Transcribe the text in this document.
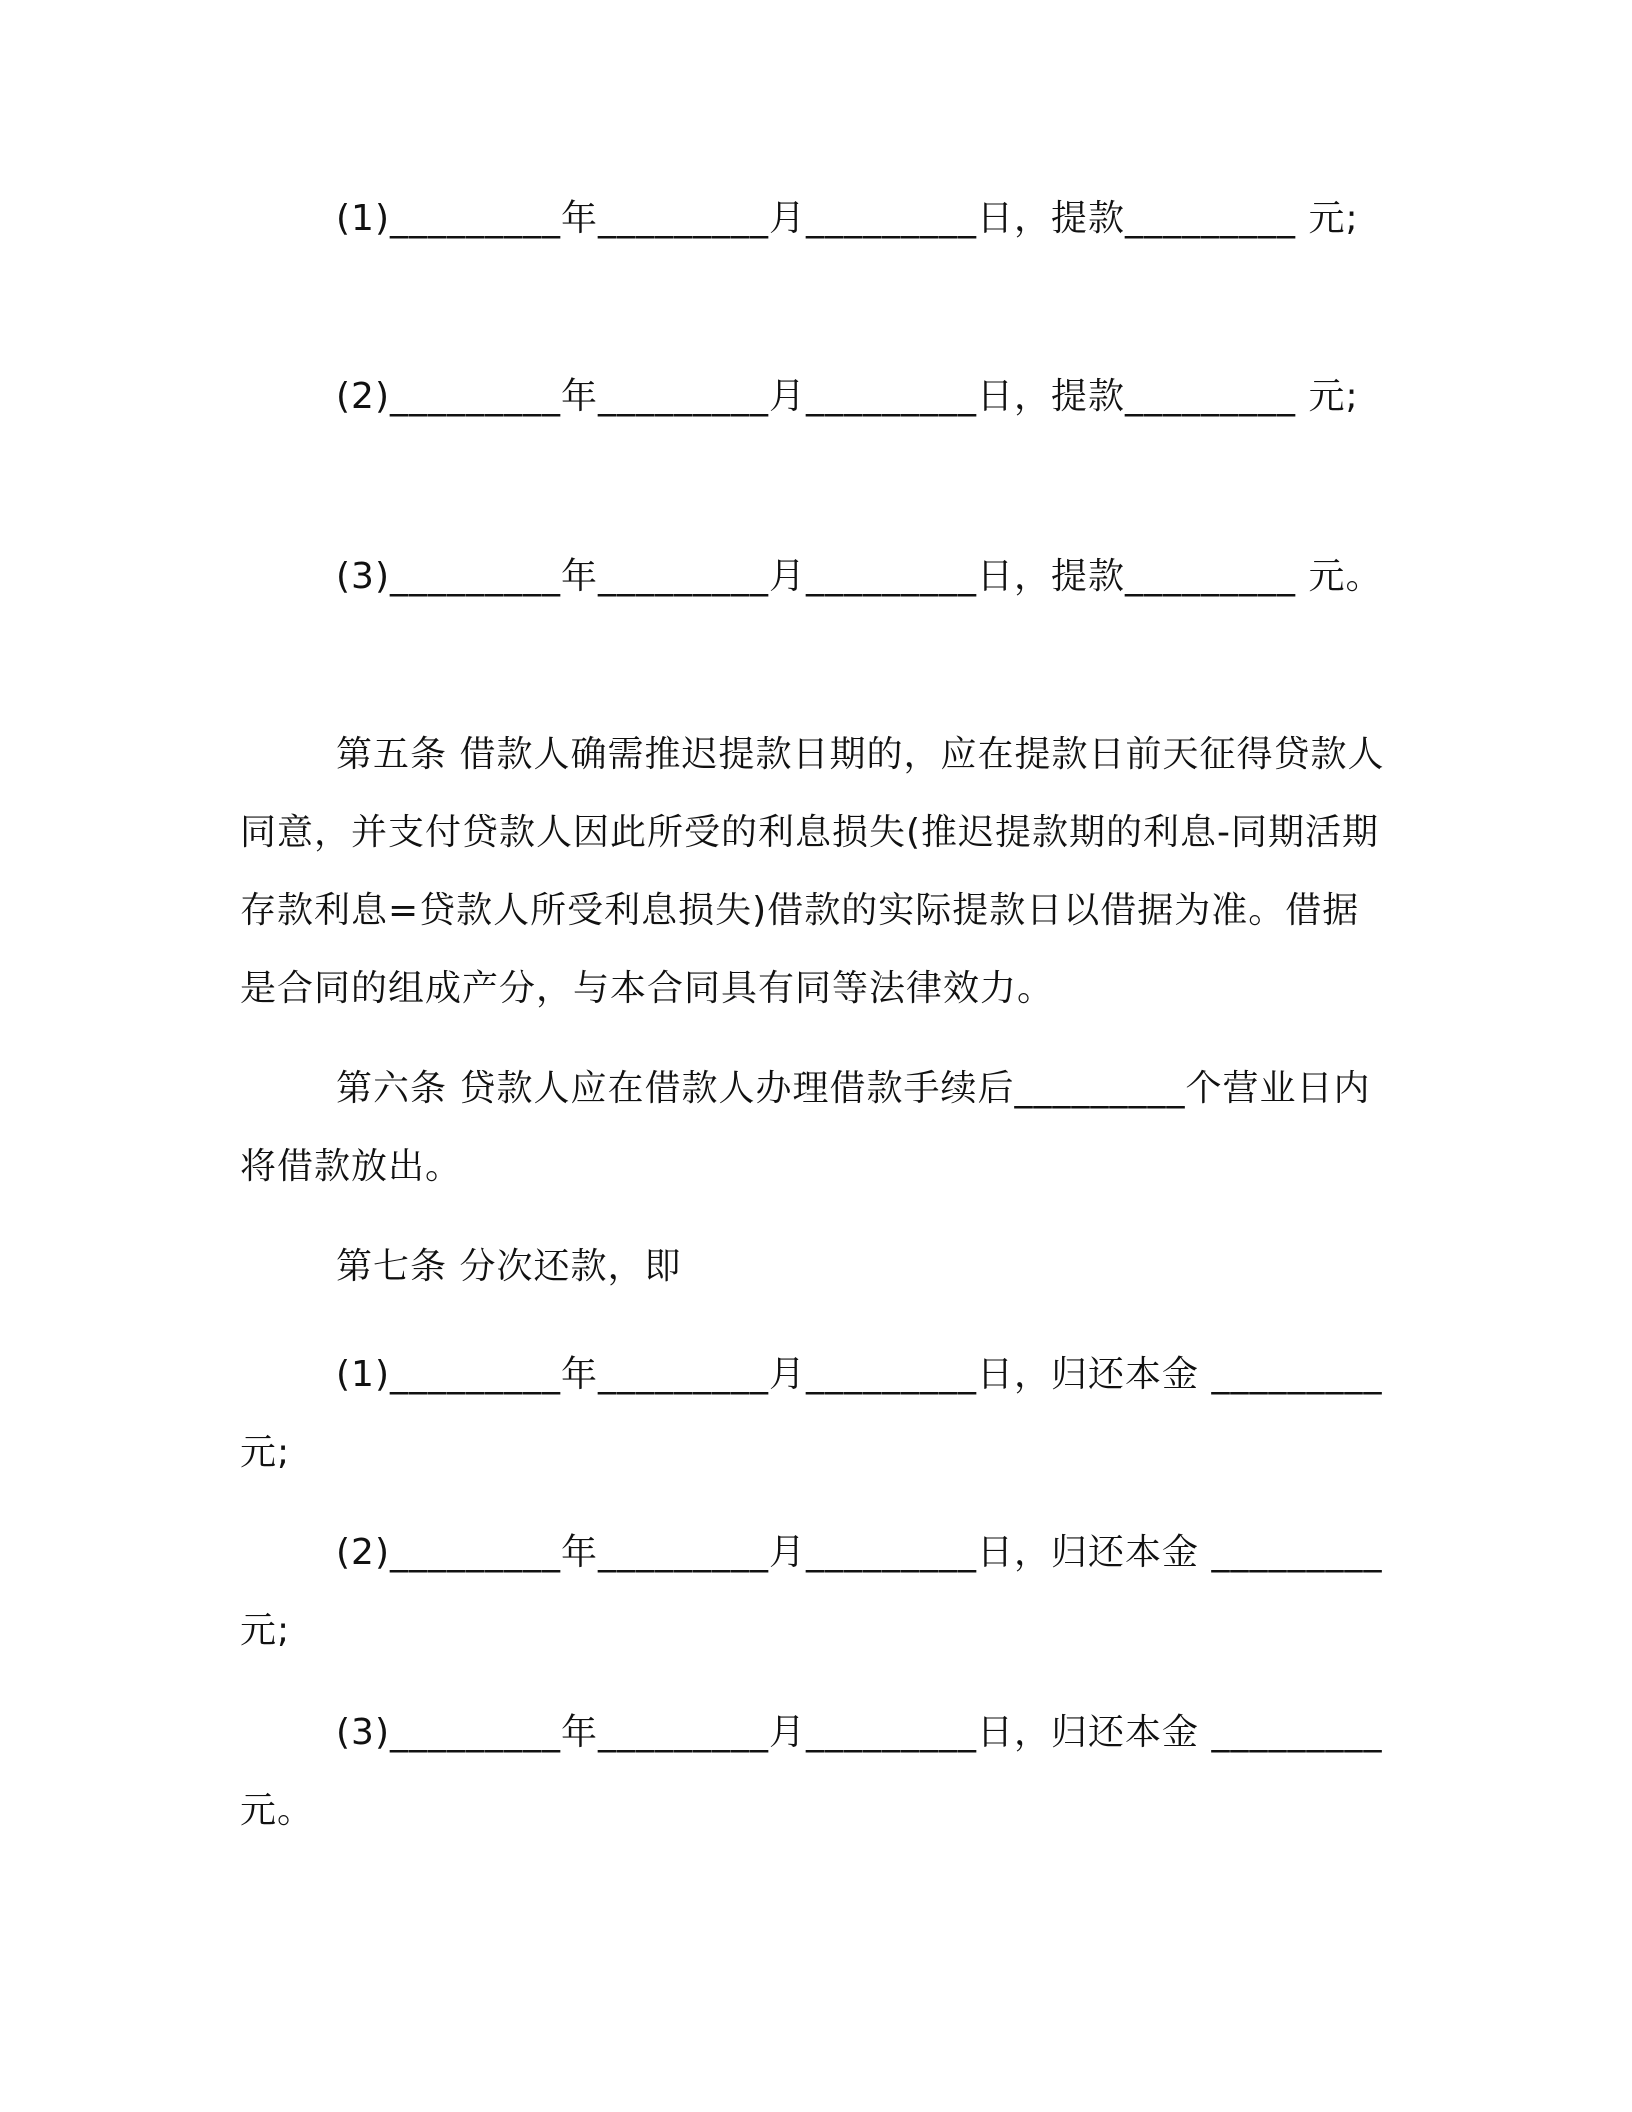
(1)_________年_________月_________日，提款_________ 元;

(2)_________年_________月_________日，提款_________ 元;

(3)_________年_________月_________日，提款_________ 元。

第五条 借款人确需推迟提款日期的，应在提款日前天征得贷款人同意，并支付贷款人因此所受的利息损失(推迟提款期的利息-同期活期存款利息=贷款人所受利息损失)借款的实际提款日以借据为准。借据是合同的组成产分，与本合同具有同等法律效力。

第六条 贷款人应在借款人办理借款手续后_________个营业日内将借款放出。

第七条 分次还款，即

(1)_________年_________月_________日，归还本金 _________元;

(2)_________年_________月_________日，归还本金 _________元;

(3)_________年_________月_________日，归还本金 _________元。
